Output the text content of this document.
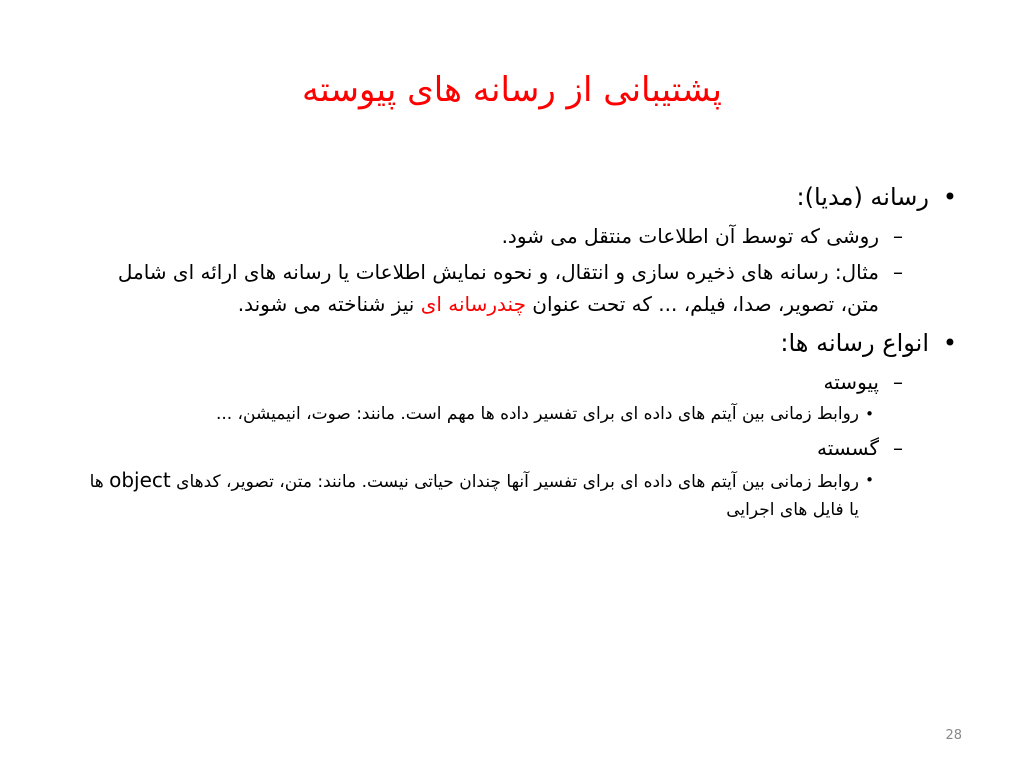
پشتیبانی از رسانه های پیوسته
•
رسانه (مدیا):
–
روشی که توسط آن اطلاعات منتقل می شود.
–
مثال: رسانه های ذخیره سازی و انتقال، و نحوه نمایش اطلاعات یا رسانه های ارائه ای شامل متن، تصویر، صدا، فیلم، ... که تحت عنوان چندرسانه ای نیز شناخته می شوند.
•
انواع رسانه ها:
–
پیوسته
•
روابط زمانی بین آیتم های داده ای برای تفسیر داده ها مهم است. مانند: صوت، انیمیشن، ...
–
گسسته
•
روابط زمانی بین آیتم های داده ای برای تفسیر آنها چندان حیاتی نیست. مانند: متن، تصویر، کدهای object ها یا فایل های اجرایی
28
